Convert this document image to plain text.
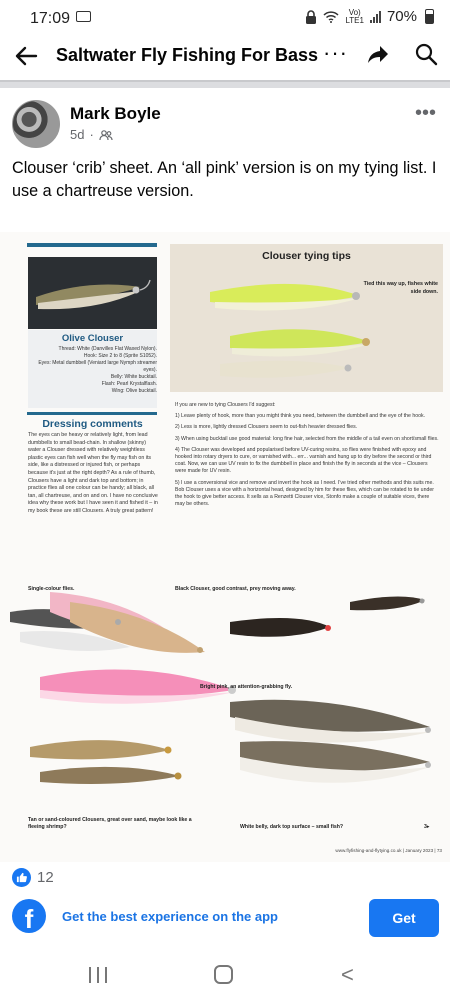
17:09	Vo)
LTE1 70%
Saltwater Fly Fishing For Bass ···
Mark Boyle
5d ·
•••

Clouser ‘crib’ sheet. An ‘all pink’ version is on my tying list. I use a chartreuse version.

Olive Clouser
Thread: White (Danvilles Flat Waxed Nylon).
Hook: Size 2 to 8 (Sprite S1052).
Eyes: Metal dumbbell (Veniard large Nymph streamer eyes).
Belly: White bucktail.
Flash: Pearl Krystalflash.
Wing: Olive bucktail.
Dressing comments

The eyes can be heavy or relatively light, from lead dumbbells to small bead-chain. In shallow (skinny) water a Clouser dressed with relatively weightless plastic eyes can fish well when the fly may fish on its side, like a distressed or injured fish, or perhaps because it's just at the right depth? As a rule of thumb, Clousers have a light and dark top and bottom; in practice flies all one colour can be handy; all black, all tan, all chartreuse, and on and on. I have no conclusive idea why these work but I have seen it and fished it – in my book these are still Clousers. A truly great pattern!

Clouser tying tips
Tied this way up, fishes white side down.

If you are new to tying Clousers I'd suggest:

1) Leave plenty of hook, more than you might think you need, between the dumbbell and the eye of the hook.

2) Less is more, lightly dressed Clousers seem to out-fish heavier dressed flies.

3) When using bucktail use good material: long fine hair, selected from the middle of a tail even on short/small flies.

4) The Clouser was developed and popularised before UV-curing resins, so flies were finished with epoxy and hooked into rotary dryers to cure, or varnished with... err... varnish and hung up to dry before the second or third coat. Now, we can use UV resin to fix the dumbbell in place and finish the fly in seconds at the vice – Clousers were made for UV resin.

5) I use a conversional vice and remove and invert the hook as I need. I've tried other methods and this suits me. Bob Clouser uses a vice with a horizontal head, designed by him for these flies, which can be rotated to tie under the hook to give better access. It sells as a Renzetti Clouser vice, Stonfo make a couple of suitable vices, there may be others.

Single-colour flies.	Black Clouser, good contrast, prey moving away.
Bright pink, an attention-grabbing fly.
Tan or sand-coloured Clousers, great over sand, maybe look like a fleeing shrimp?	White belly, dark top surface – small fish?	3▸
www.flyfishing-and-flytying.co.uk | January 2023 | 73
12
f	Get the best experience on the app	Get
<
